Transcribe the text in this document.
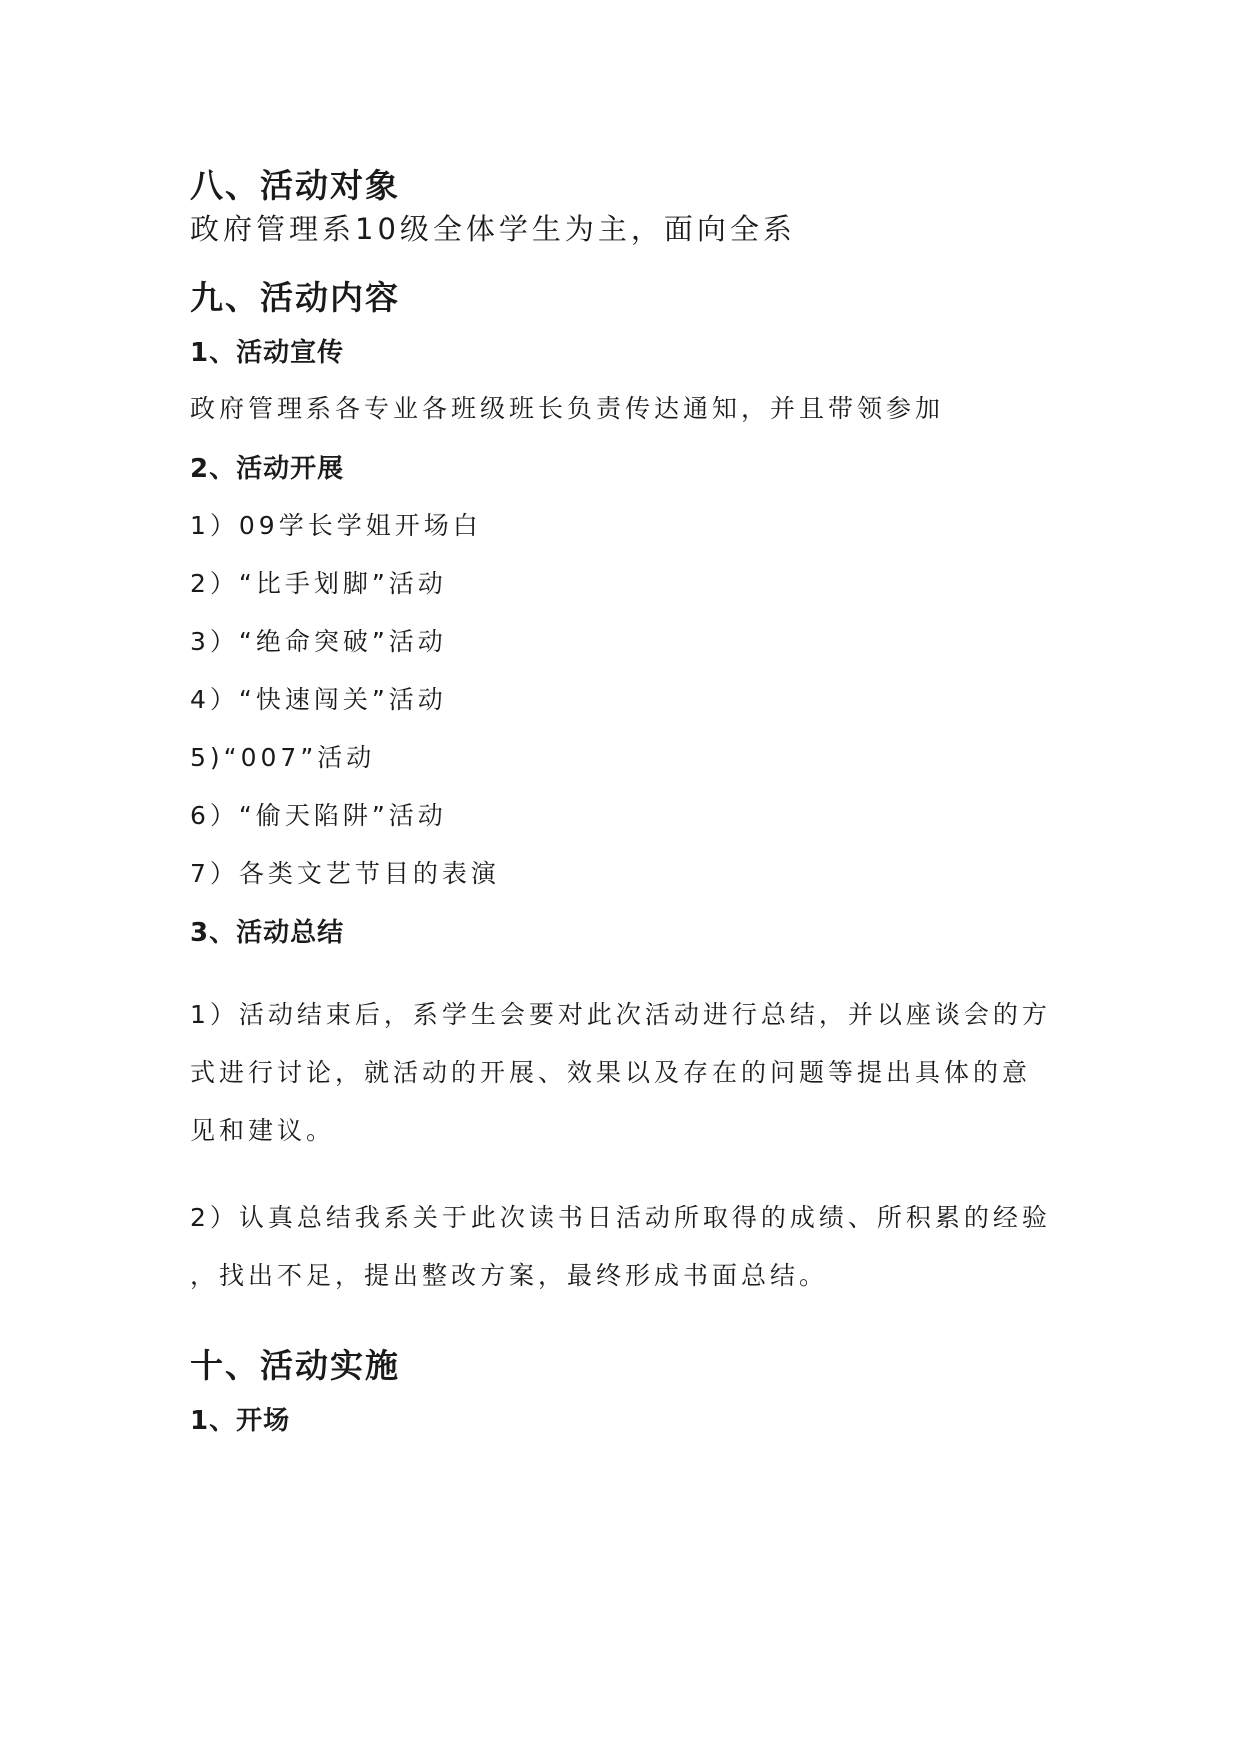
八、活动对象
政府管理系10级全体学生为主，面向全系
九、活动内容
1、活动宣传
政府管理系各专业各班级班长负责传达通知，并且带领参加
2、活动开展
1）09学长学姐开场白
2）“比手划脚”活动
3）“绝命突破”活动
4）“快速闯关”活动
5)“007”活动
6）“偷天陷阱”活动
7）各类文艺节目的表演
3、活动总结
1）活动结束后，系学生会要对此次活动进行总结，并以座谈会的方
式进行讨论，就活动的开展、效果以及存在的问题等提出具体的意
见和建议。
2）认真总结我系关于此次读书日活动所取得的成绩、所积累的经验
，找出不足，提出整改方案，最终形成书面总结。
十、活动实施
1、开场
